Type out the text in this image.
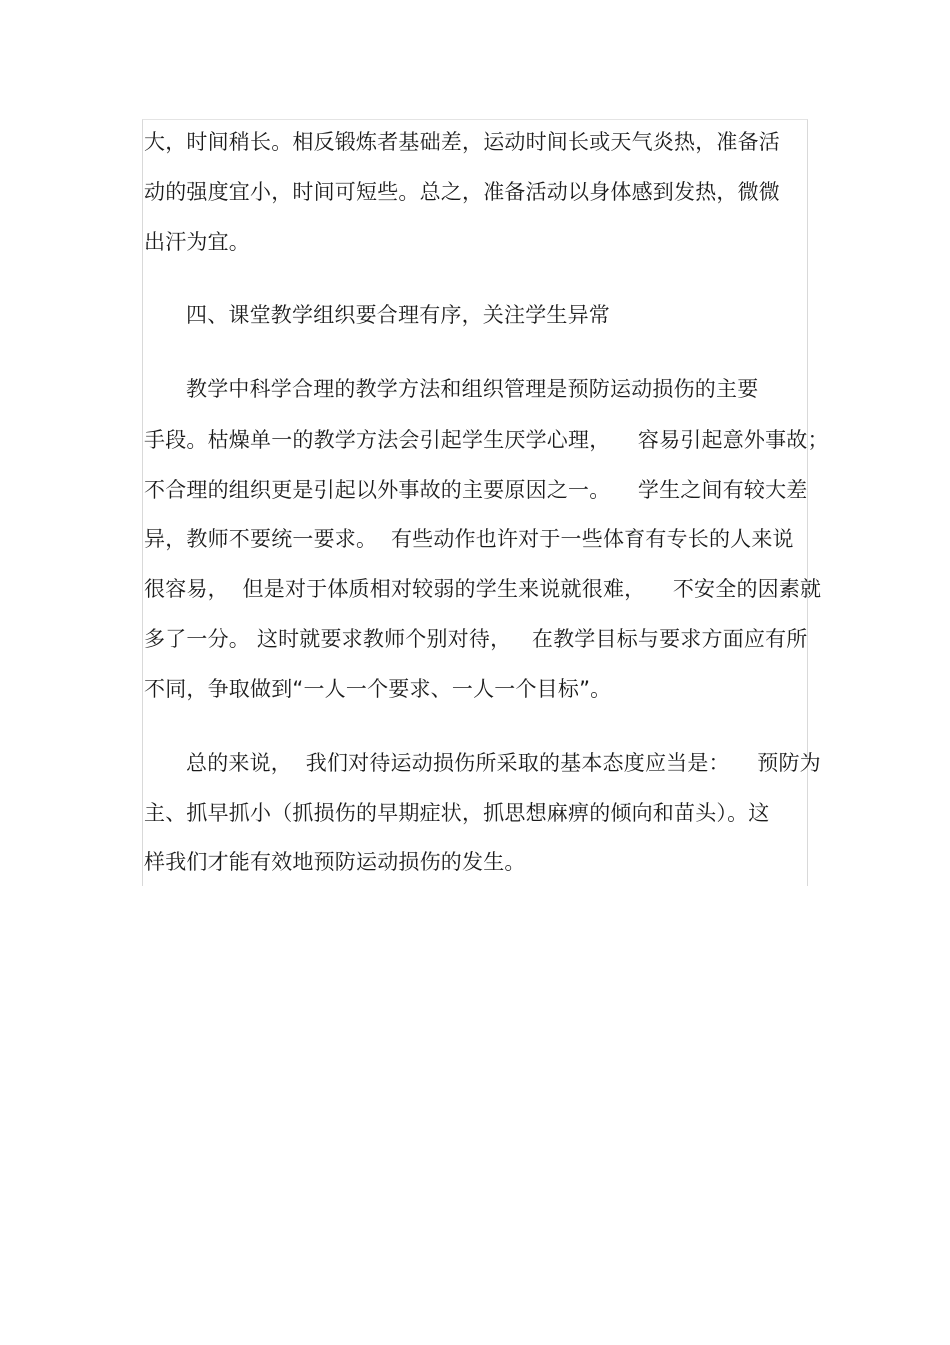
大，时间稍长。相反锻炼者基础差，运动时间长或天气炎热，准备活
动的强度宜小，时间可短些。总之，准备活动以身体感到发热，微微
出汗为宜。
四、课堂教学组织要合理有序，关注学生异常
教学中科学合理的教学方法和组织管理是预防运动损伤的主要
手段。枯燥单一的教学方法会引起学生厌学心理，    容易引起意外事故；
不合理的组织更是引起以外事故的主要原因之一。    学生之间有较大差
异，教师不要统一要求。  有些动作也许对于一些体育有专长的人来说
很容易，  但是对于体质相对较弱的学生来说就很难，    不安全的因素就
多了一分。 这时就要求教师个别对待，   在教学目标与要求方面应有所
不同，争取做到“一人一个要求、一人一个目标”。
总的来说，  我们对待运动损伤所采取的基本态度应当是：    预防为
主、抓早抓小（抓损伤的早期症状，抓思想麻痹的倾向和苗头）。这
样我们才能有效地预防运动损伤的发生。
